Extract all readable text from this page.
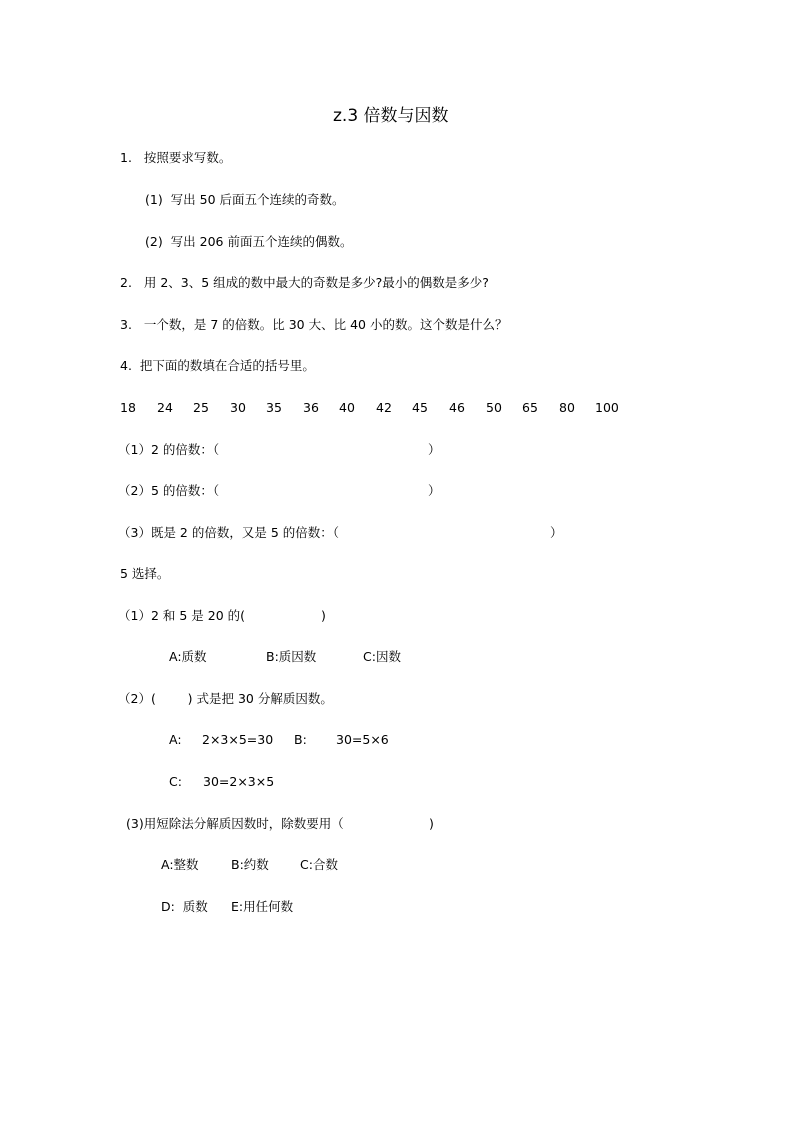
z.3 倍数与因数
1.   按照要求写数。
(1)  写出 50 后面五个连续的奇数。
(2)  写出 206 前面五个连续的偶数。
2.   用 2、3、5 组成的数中最大的奇数是多少?最小的偶数是多少?
3.   一个数，是 7 的倍数。比 30 大、比 40 小的数。这个数是什么？
4.  把下面的数填在合适的括号里。
18 24 25 30 35 36 40 42 45 46 50 65 80 100
（1）2 的倍数：（	）
（2）5 的倍数：（	）
（3）既是 2 的倍数，又是 5 的倍数：（	）
5 选择。
（1）2 和 5 是 20 的(	)
A:质数	B:质因数	C:因数
（2）(        ) 式是把 30 分解质因数。
A: 2×3×5=30 B: 30=5×6
C: 30=2×3×5
(3)用短除法分解质因数时，除数要用（	)
A:整数	B:约数 C:合数
D:  质数 E:用任何数
